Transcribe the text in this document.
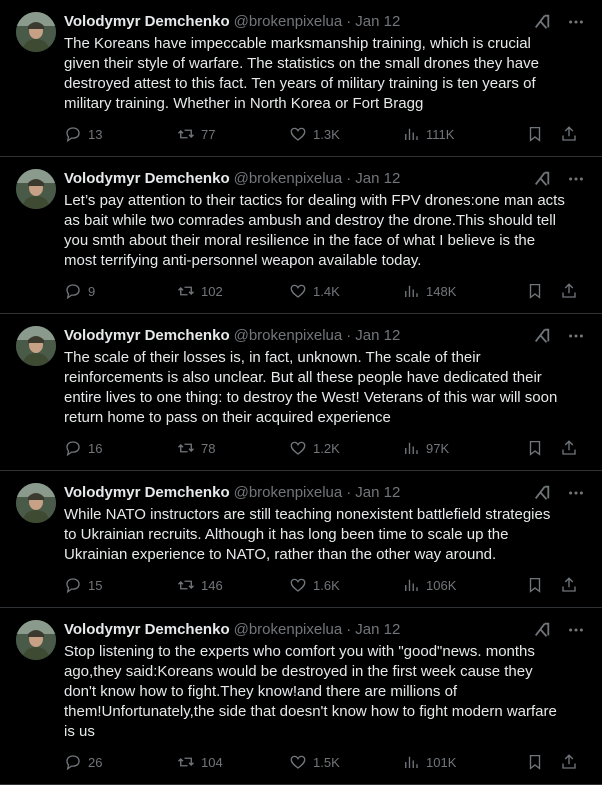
Volodymyr Demchenko @brokenpixelua · Jan 12
The Koreans have impeccable marksmanship training, which is crucial given their style of warfare. The statistics on the small drones they have destroyed attest to this fact. Ten years of military training is ten years of military training. Whether in North Korea or Fort Bragg
13	77	1.3K	111K
Volodymyr Demchenko @brokenpixelua · Jan 12
Let’s pay attention to their tactics for dealing with FPV drones:one man acts as bait while two comrades ambush and destroy the drone.This should tell you smth about their moral resilience in the face of what I believe is the most terrifying anti-personnel weapon available today.
9	102	1.4K	148K
Volodymyr Demchenko @brokenpixelua · Jan 12
The scale of their losses is, in fact, unknown. The scale of their reinforcements is also unclear. But all these people have dedicated their entire lives to one thing: to destroy the West! Veterans of this war will soon return home to pass on their acquired experience
16	78	1.2K	97K
Volodymyr Demchenko @brokenpixelua · Jan 12
While NATO instructors are still teaching nonexistent battlefield strategies to Ukrainian recruits. Although it has long been time to scale up the Ukrainian experience to NATO, rather than the other way around.
15	146	1.6K	106K
Volodymyr Demchenko @brokenpixelua · Jan 12
Stop listening to the experts who comfort you with "good"news. months ago,they said:Koreans would be destroyed in the first week cause they don't know how to fight.They know!and there are millions of them!Unfortunately,the side that doesn't know how to fight modern warfare is us
26	104	1.5K	101K
